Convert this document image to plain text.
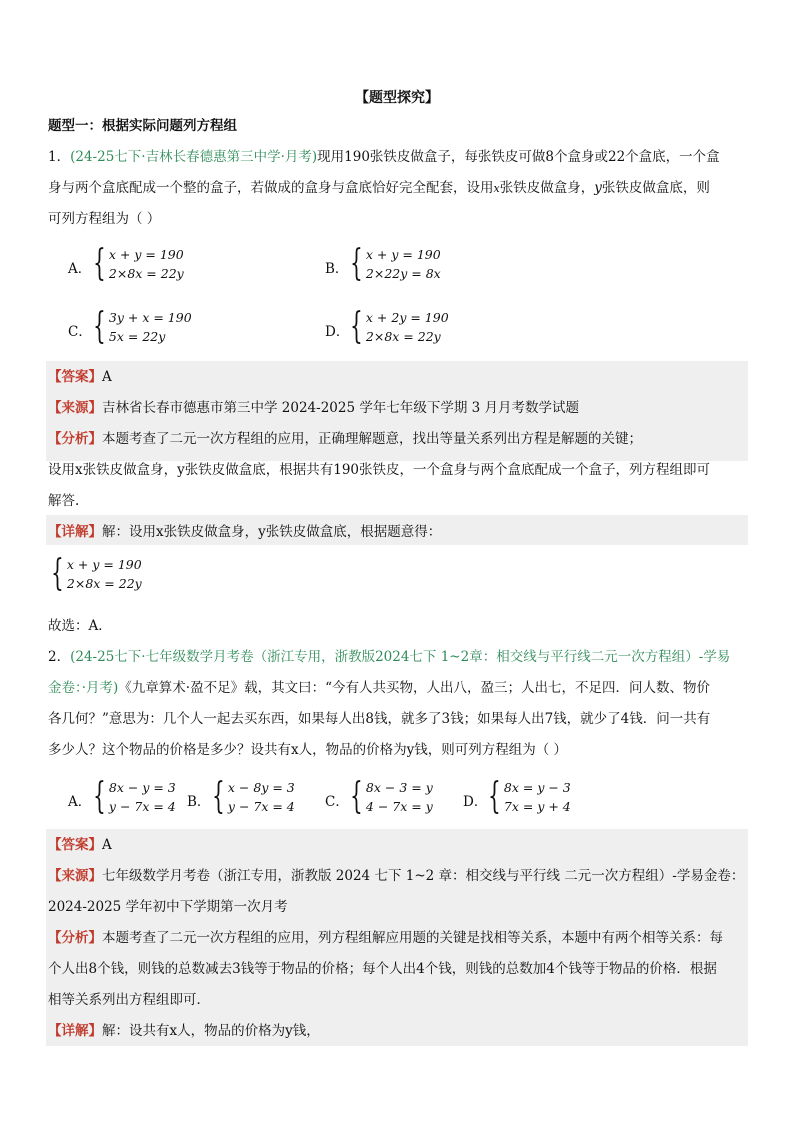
【题型探究】
题型一：根据实际问题列方程组
1．(24-25七下·吉林长春德惠第三中学·月考)现用190张铁皮做盒子，每张铁皮可做8个盒身或22个盒底，一个盒
身与两个盒底配成一个整的盒子，若做成的盒身与盒底恰好完全配套，设用x张铁皮做盒身，y张铁皮做盒底，则
可列方程组为（ ）
A． { x + y = 190
2×8x = 22y	B． { x + y = 190
2×22y = 8x
C． { 3y + x = 190
5x = 22y	D． { x + 2y = 190
2×8x = 22y
【答案】A
【来源】吉林省长春市德惠市第三中学 2024-2025 学年七年级下学期 3 月月考数学试题
【分析】本题考查了二元一次方程组的应用，正确理解题意，找出等量关系列出方程是解题的关键；
设用x张铁皮做盒身，y张铁皮做盒底，根据共有190张铁皮，一个盒身与两个盒底配成一个盒子，列方程组即可
解答.
【详解】解：设用x张铁皮做盒身，y张铁皮做盒底，根据题意得：
{ x + y = 190
2×8x = 22y
故选：A．
2．(24-25七下·七年级数学月考卷（浙江专用，浙教版2024七下 1~2章：相交线与平行线二元一次方程组）-学易
金卷：·月考)《九章算术·盈不足》载，其文曰：“今有人共买物，人出八，盈三；人出七，不足四．问人数、物价
各几何？”意思为：几个人一起去买东西，如果每人出8钱，就多了3钱；如果每人出7钱，就少了4钱．问一共有
多少人？这个物品的价格是多少？设共有x人，物品的价格为y钱，则可列方程组为（ ）
A． { 8x − y = 3
y − 7x = 4 B． { x − 8y = 3
y − 7x = 4 C． { 8x − 3 = y
4 − 7x = y D． { 8x = y − 3
7x = y + 4
【答案】A
【来源】七年级数学月考卷（浙江专用，浙教版 2024 七下 1~2 章：相交线与平行线 二元一次方程组）-学易金卷：
2024-2025 学年初中下学期第一次月考
【分析】本题考查了二元一次方程组的应用，列方程组解应用题的关键是找相等关系，本题中有两个相等关系：每
个人出8个钱，则钱的总数减去3钱等于物品的价格；每个人出4个钱，则钱的总数加4个钱等于物品的价格．根据
相等关系列出方程组即可．
【详解】解：设共有x人，物品的价格为y钱，
